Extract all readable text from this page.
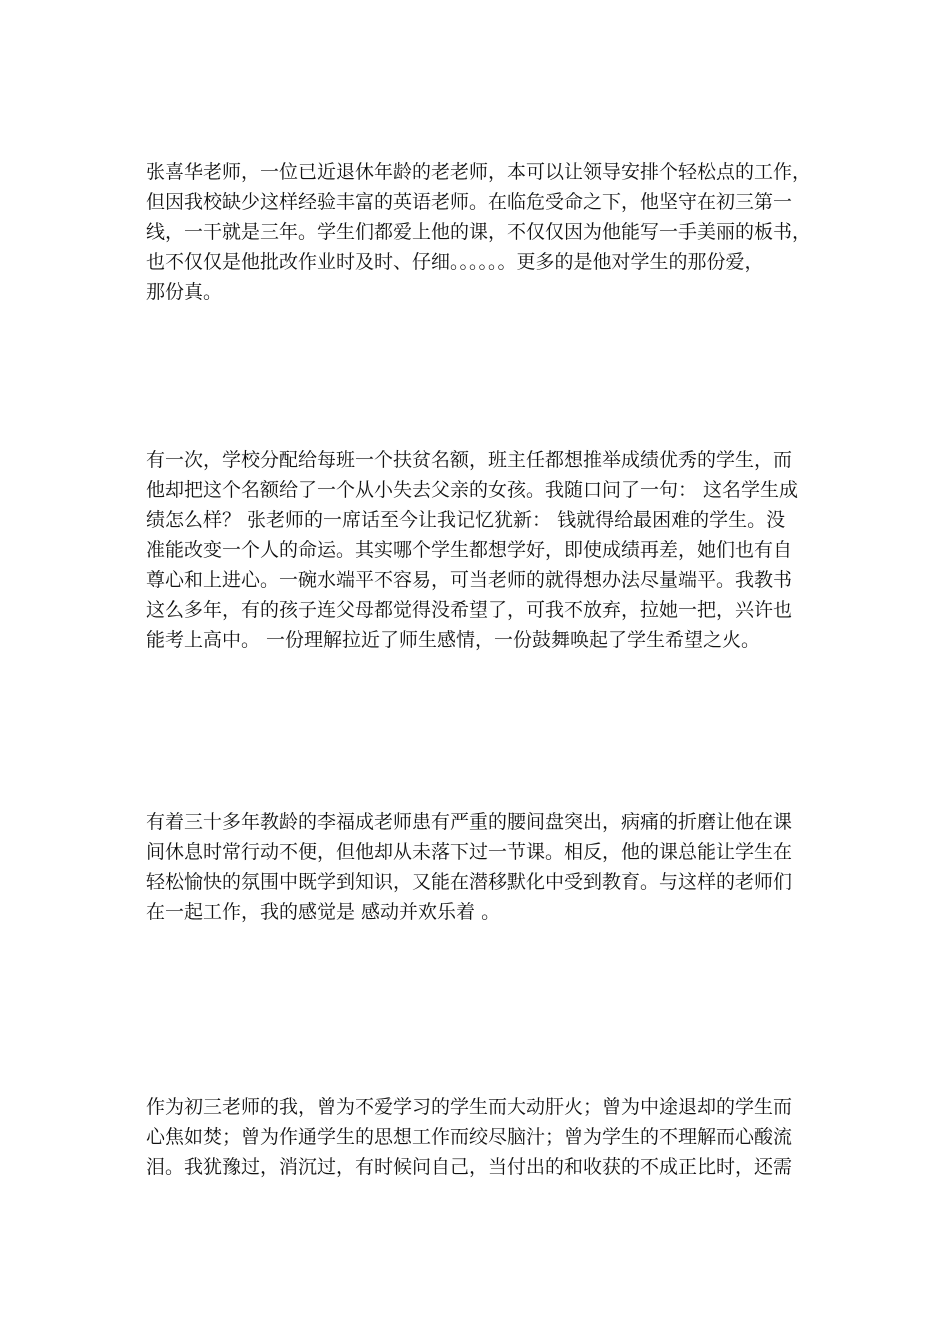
张喜华老师，一位已近退休年龄的老老师，本可以让领导安排个轻松点的工作，
但因我校缺少这样经验丰富的英语老师。在临危受命之下，他坚守在初三第一
线，一干就是三年。学生们都爱上他的课，不仅仅因为他能写一手美丽的板书，
也不仅仅是他批改作业时及时、仔细。。。。。。更多的是他对学生的那份爱，
那份真。
有一次，学校分配给每班一个扶贫名额，班主任都想推举成绩优秀的学生，而
他却把这个名额给了一个从小失去父亲的女孩。我随口问了一句： 这名学生成
绩怎么样？ 张老师的一席话至今让我记忆犹新： 钱就得给最困难的学生。没
准能改变一个人的命运。其实哪个学生都想学好，即使成绩再差，她们也有自
尊心和上进心。一碗水端平不容易，可当老师的就得想办法尽量端平。我教书
这么多年，有的孩子连父母都觉得没希望了，可我不放弃，拉她一把，兴许也
能考上高中。 一份理解拉近了师生感情，一份鼓舞唤起了学生希望之火。
有着三十多年教龄的李福成老师患有严重的腰间盘突出，病痛的折磨让他在课
间休息时常行动不便，但他却从未落下过一节课。相反，他的课总能让学生在
轻松愉快的氛围中既学到知识，又能在潜移默化中受到教育。与这样的老师们
在一起工作，我的感觉是 感动并欢乐着 。
作为初三老师的我，曾为不爱学习的学生而大动肝火；曾为中途退却的学生而
心焦如焚；曾为作通学生的思想工作而绞尽脑汁；曾为学生的不理解而心酸流
泪。我犹豫过，消沉过，有时候问自己，当付出的和收获的不成正比时，还需
